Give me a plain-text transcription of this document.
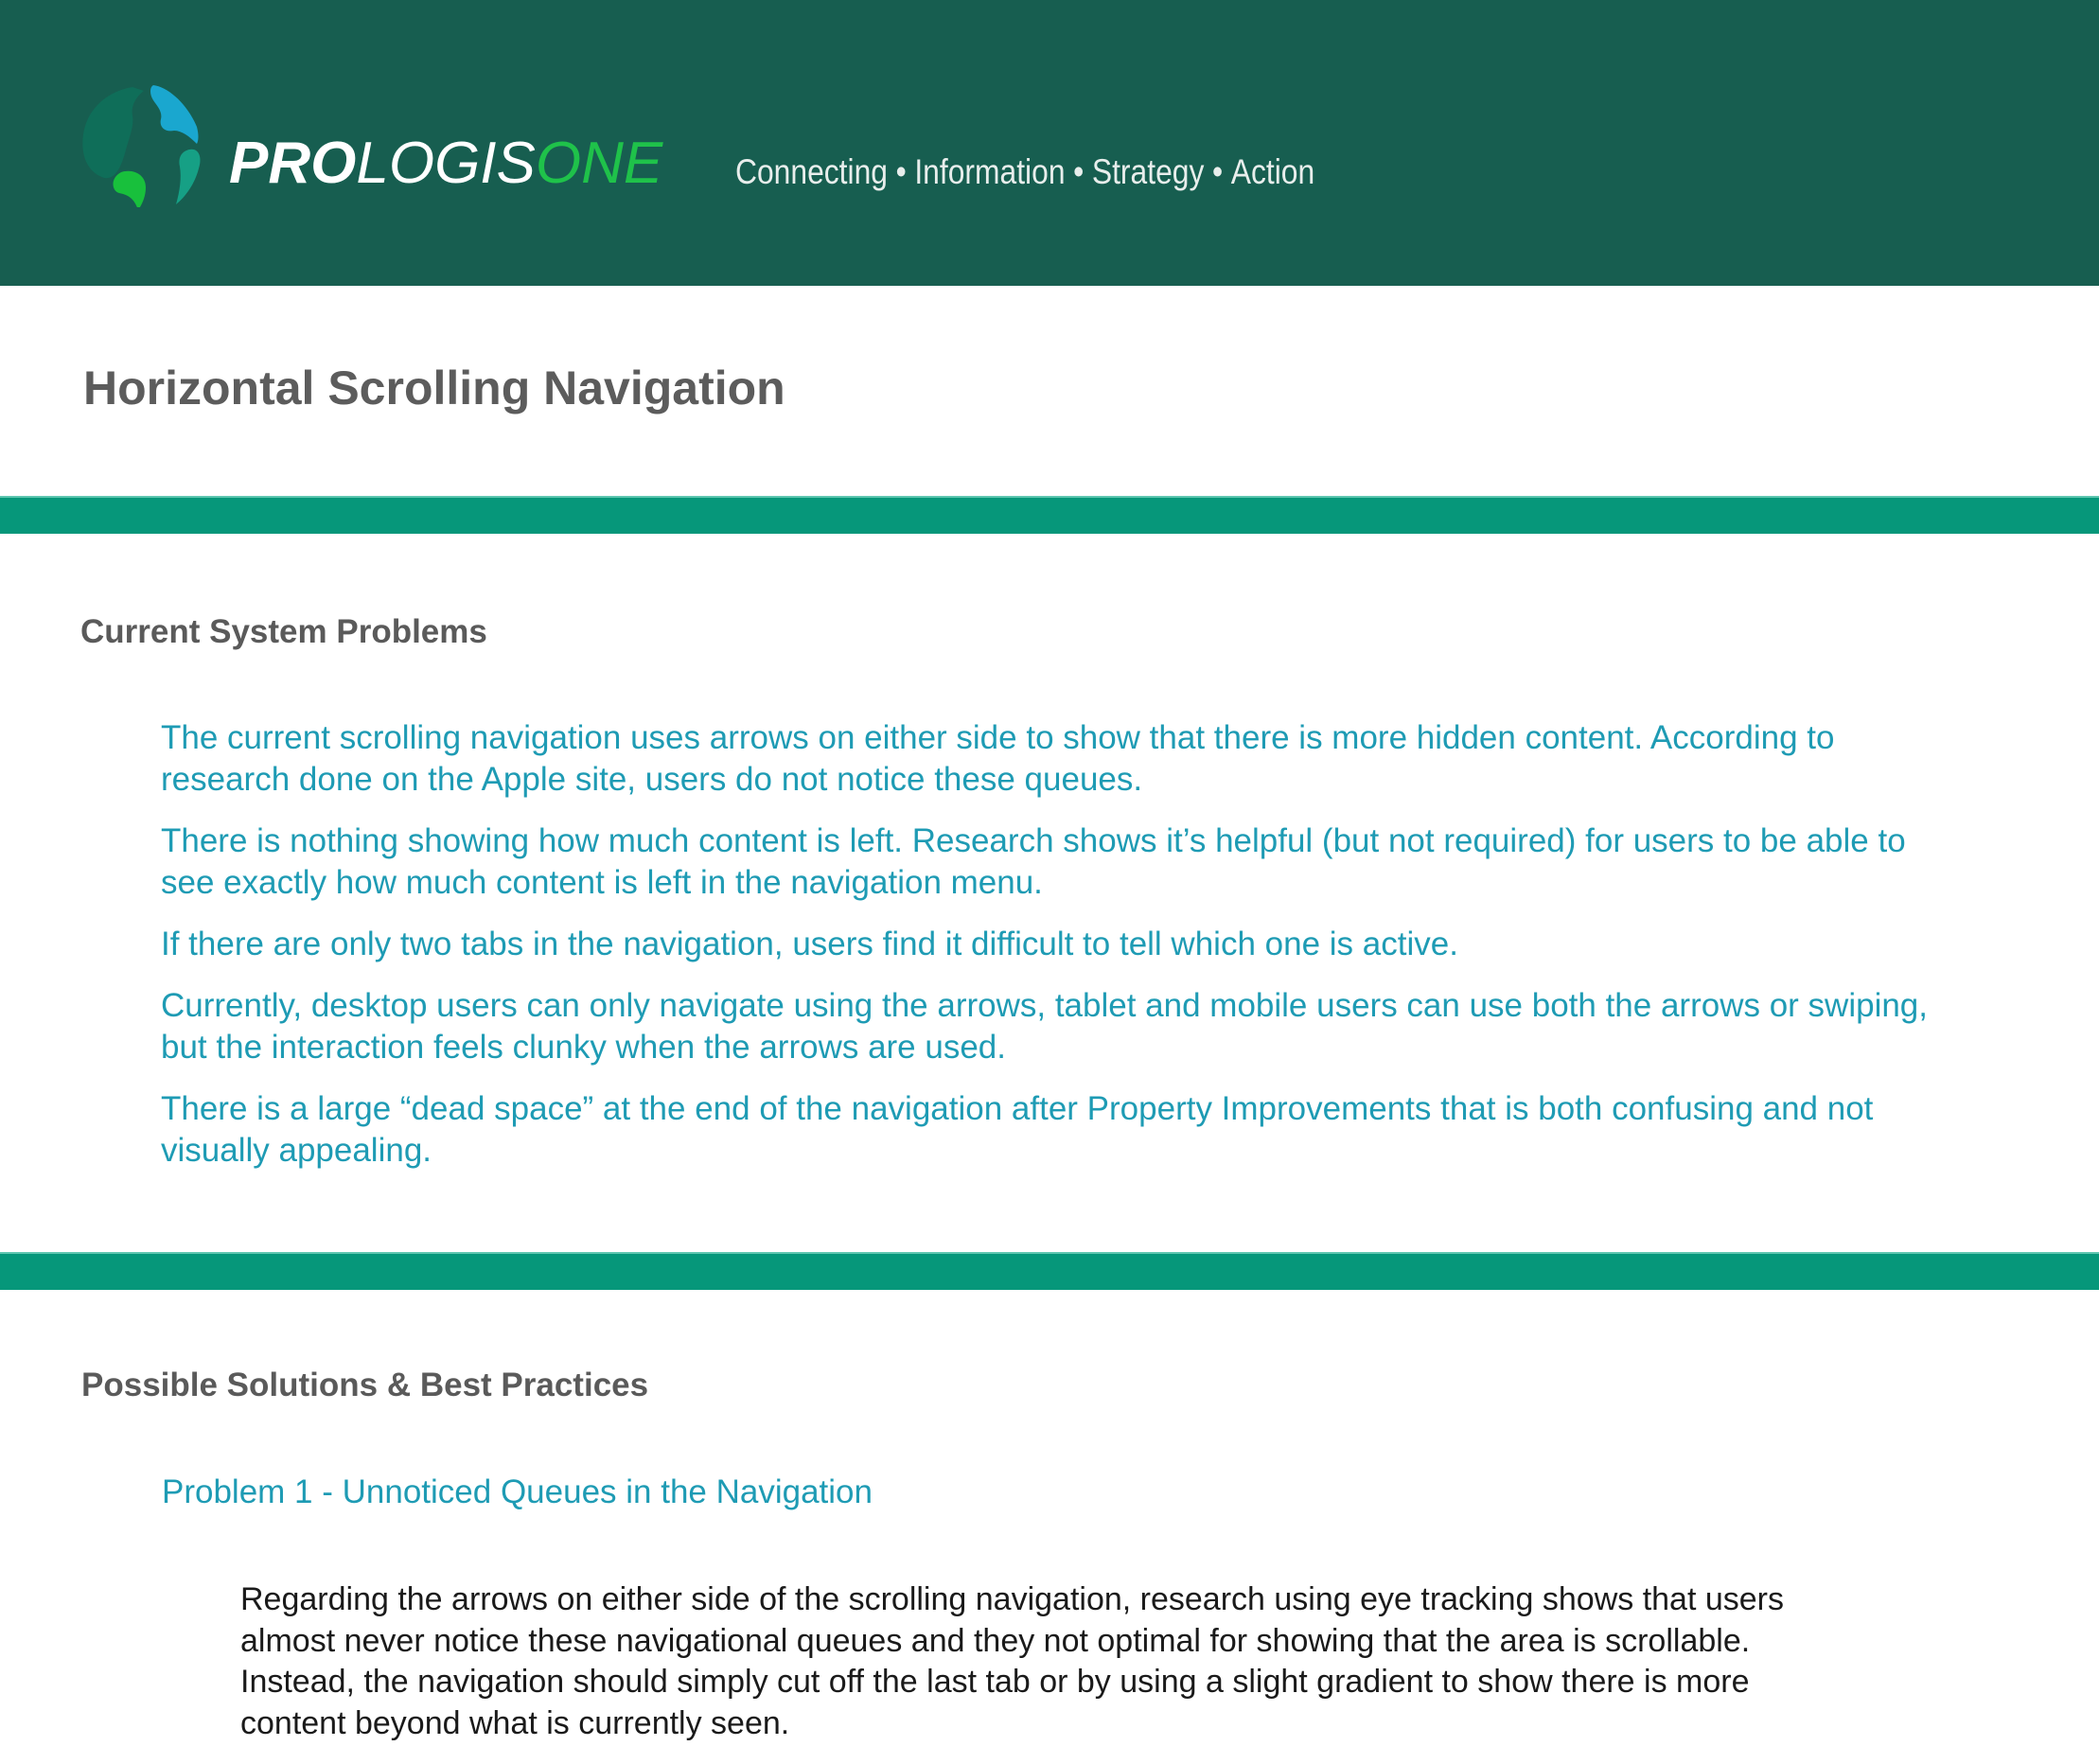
PROLOGISONE Connecting • Information • Strategy • Action
Horizontal Scrolling Navigation
Current System Problems
The current scrolling navigation uses arrows on either side to show that there is more hidden content. According to research done on the Apple site, users do not notice these queues.
There is nothing showing how much content is left. Research shows it’s helpful (but not required) for users to be able to see exactly how much content is left in the navigation menu.
If there are only two tabs in the navigation, users find it difficult to tell which one is active.
Currently, desktop users can only navigate using the arrows, tablet and mobile users can use both the arrows or swiping, but the interaction feels clunky when the arrows are used.
There is a large “dead space” at the end of the navigation after Property Improvements that is both confusing and not visually appealing.
Possible Solutions & Best Practices
Problem 1 - Unnoticed Queues in the Navigation

Regarding the arrows on either side of the scrolling navigation, research using eye tracking shows that users almost never notice these navigational queues and they not optimal for showing that the area is scrollable. Instead, the navigation should simply cut off the last tab or by using a slight gradient to show there is more content beyond what is currently seen.
